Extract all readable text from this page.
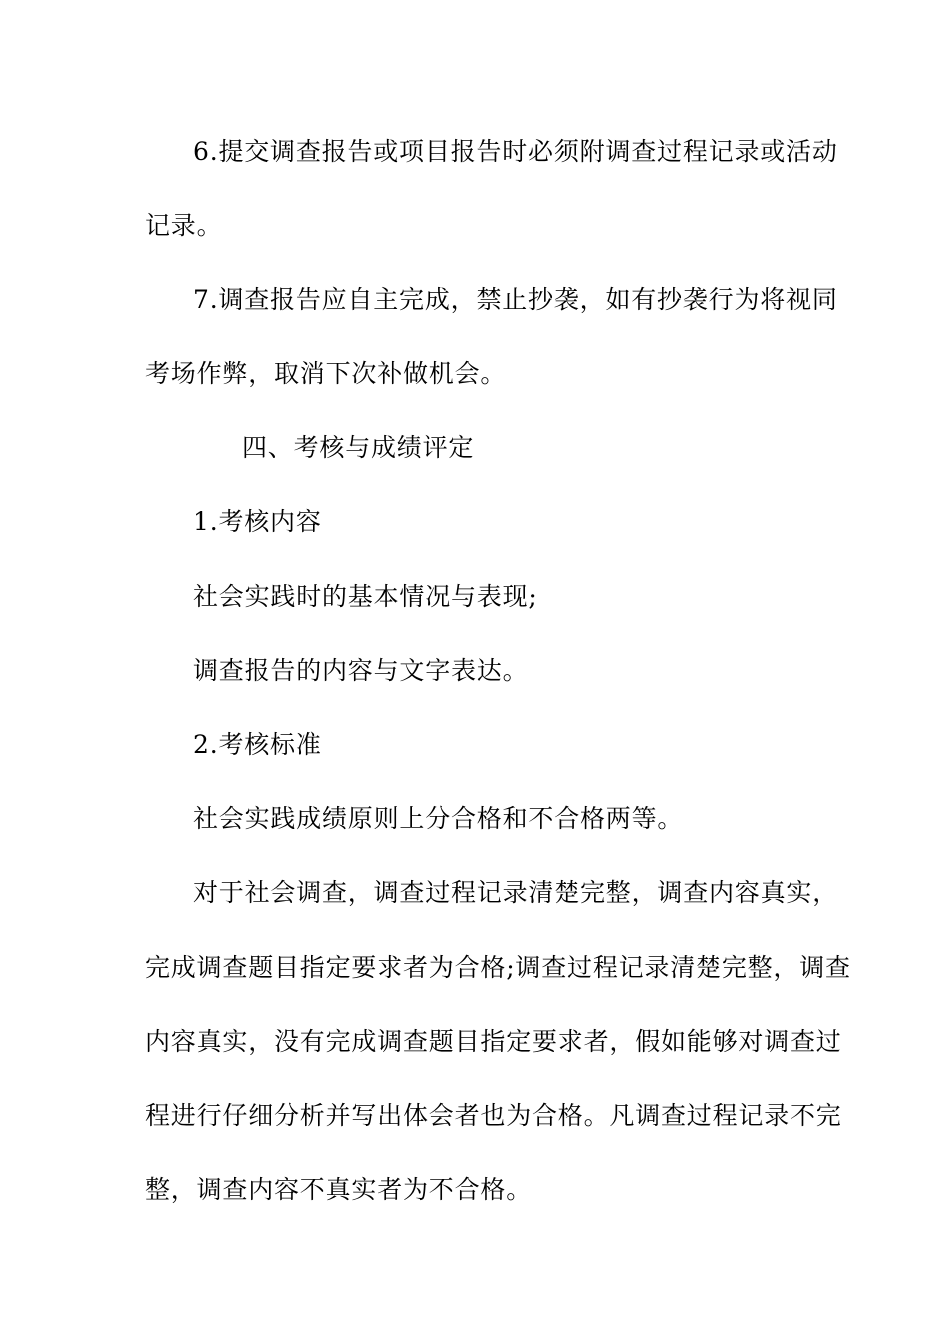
6.提交调查报告或项目报告时必须附调查过程记录或活动
记录。
7.调查报告应自主完成，禁止抄袭，如有抄袭行为将视同
考场作弊，取消下次补做机会。
四、考核与成绩评定
1.考核内容
社会实践时的基本情况与表现;
调查报告的内容与文字表达。
2.考核标准
社会实践成绩原则上分合格和不合格两等。
对于社会调查，调查过程记录清楚完整，调查内容真实，
完成调查题目指定要求者为合格;调查过程记录清楚完整，调查
内容真实，没有完成调查题目指定要求者，假如能够对调查过
程进行仔细分析并写出体会者也为合格。凡调查过程记录不完
整，调查内容不真实者为不合格。
